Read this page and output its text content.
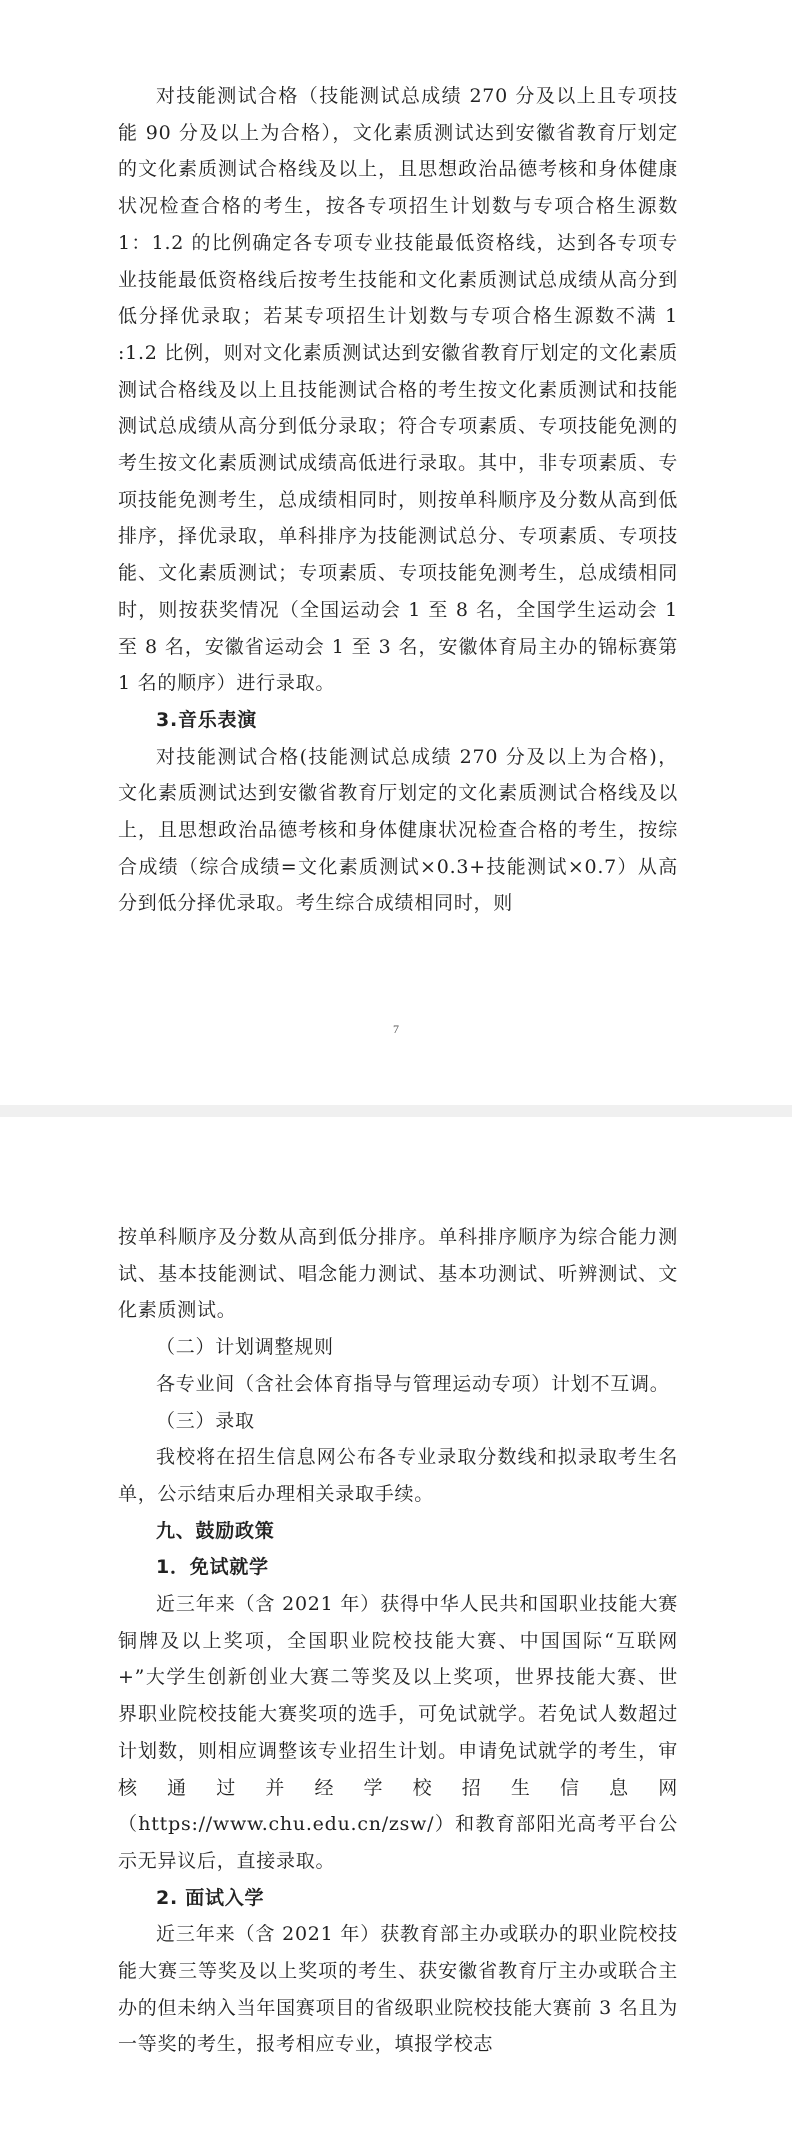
对技能测试合格（技能测试总成绩 270 分及以上且专项技能 90 分及以上为合格），文化素质测试达到安徽省教育厅划定的文化素质测试合格线及以上，且思想政治品德考核和身体健康状况检查合格的考生，按各专项招生计划数与专项合格生源数 1：1.2 的比例确定各专项专业技能最低资格线，达到各专项专业技能最低资格线后按考生技能和文化素质测试总成绩从高分到低分择优录取；若某专项招生计划数与专项合格生源数不满 1 :1.2 比例，则对文化素质测试达到安徽省教育厅划定的文化素质测试合格线及以上且技能测试合格的考生按文化素质测试和技能测试总成绩从高分到低分录取；符合专项素质、专项技能免测的考生按文化素质测试成绩高低进行录取。其中，非专项素质、专项技能免测考生，总成绩相同时，则按单科顺序及分数从高到低排序，择优录取，单科排序为技能测试总分、专项素质、专项技能、文化素质测试；专项素质、专项技能免测考生，总成绩相同时，则按获奖情况（全国运动会 1 至 8 名，全国学生运动会 1 至 8 名，安徽省运动会 1 至 3 名，安徽体育局主办的锦标赛第 1 名的顺序）进行录取。

3.音乐表演

对技能测试合格(技能测试总成绩 270 分及以上为合格)，文化素质测试达到安徽省教育厅划定的文化素质测试合格线及以上，且思想政治品德考核和身体健康状况检查合格的考生，按综合成绩（综合成绩=文化素质测试×0.3+技能测试×0.7）从高分到低分择优录取。考生综合成绩相同时，则

7

按单科顺序及分数从高到低分排序。单科排序顺序为综合能力测试、基本技能测试、唱念能力测试、基本功测试、听辨测试、文化素质测试。

（二）计划调整规则

各专业间（含社会体育指导与管理运动专项）计划不互调。

（三）录取

我校将在招生信息网公布各专业录取分数线和拟录取考生名单，公示结束后办理相关录取手续。

九、鼓励政策

1．免试就学

近三年来（含 2021 年）获得中华人民共和国职业技能大赛铜牌及以上奖项，全国职业院校技能大赛、中国国际“互联网+”大学生创新创业大赛二等奖及以上奖项，世界技能大赛、世界职业院校技能大赛奖项的选手，可免试就学。若免试人数超过计划数，则相应调整该专业招生计划。申请免试就学的考生，审核通过并经学校招生信息网（https://www.chu.edu.cn/zsw/）和教育部阳光高考平台公示无异议后，直接录取。

2. 面试入学

近三年来（含 2021 年）获教育部主办或联办的职业院校技能大赛三等奖及以上奖项的考生、获安徽省教育厅主办或联合主办的但未纳入当年国赛项目的省级职业院校技能大赛前 3 名且为一等奖的考生，报考相应专业，填报学校志
